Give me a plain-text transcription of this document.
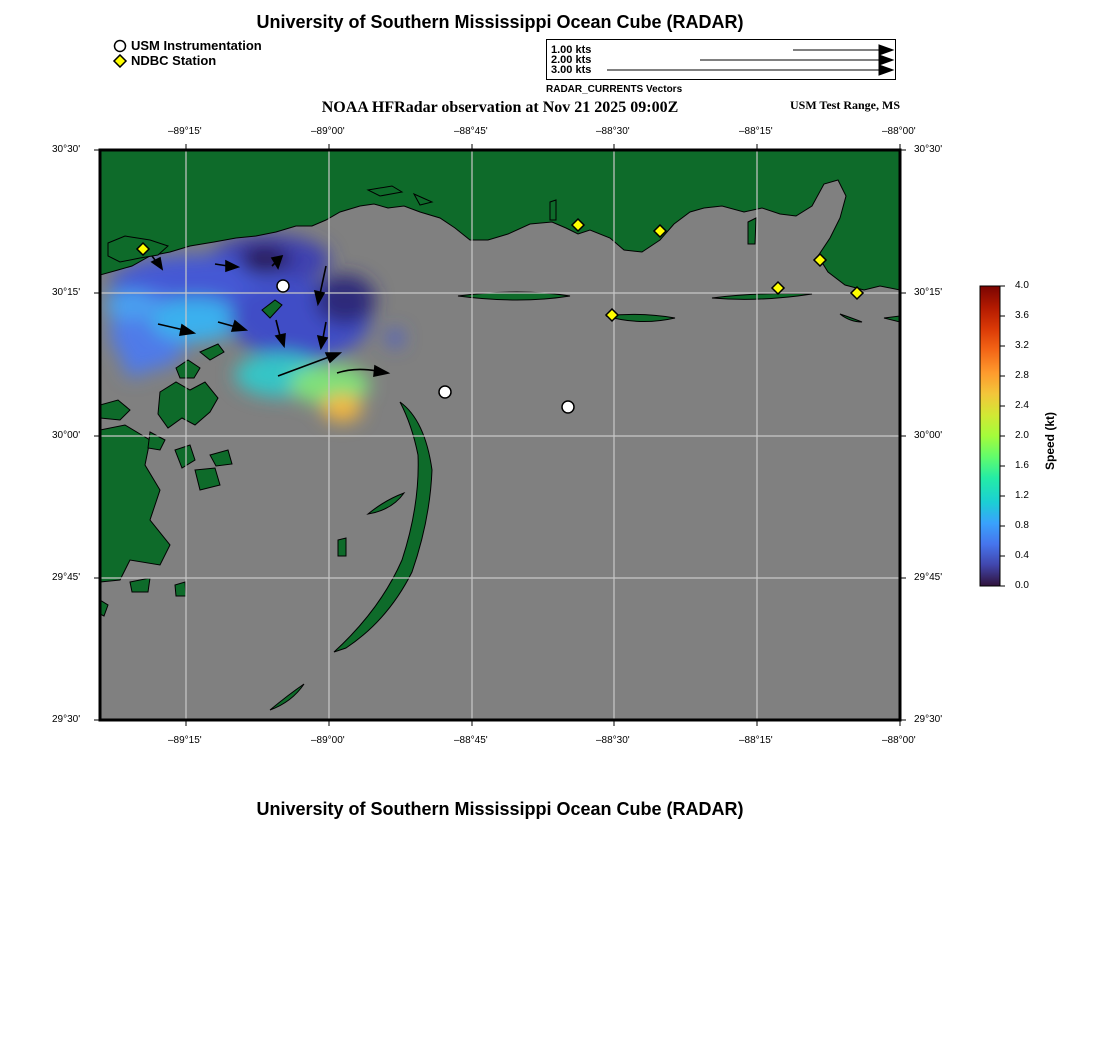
University of Southern Mississippi Ocean Cube (RADAR)
USM Instrumentation
NDBC Station
1.00 kts
2.00 kts
3.00 kts
RADAR_CURRENTS Vectors
NOAA HFRadar observation at Nov 21 2025 09:00Z	USM Test Range, MS
–89°15'	–89°00'	–88°45'	–88°30'	–88°15'	–88°00'
–89°15'	–89°00'	–88°45'	–88°30'	–88°15'	–88°00'
30°30'
30°15'
30°00'
29°45'
29°30'
30°30'
30°15'
30°00'
29°45'
29°30'
4.0
3.6
3.2
2.8
2.4
2.0
1.6
1.2
0.8
0.4
0.0
Speed (kt)
University of Southern Mississippi Ocean Cube (RADAR)
